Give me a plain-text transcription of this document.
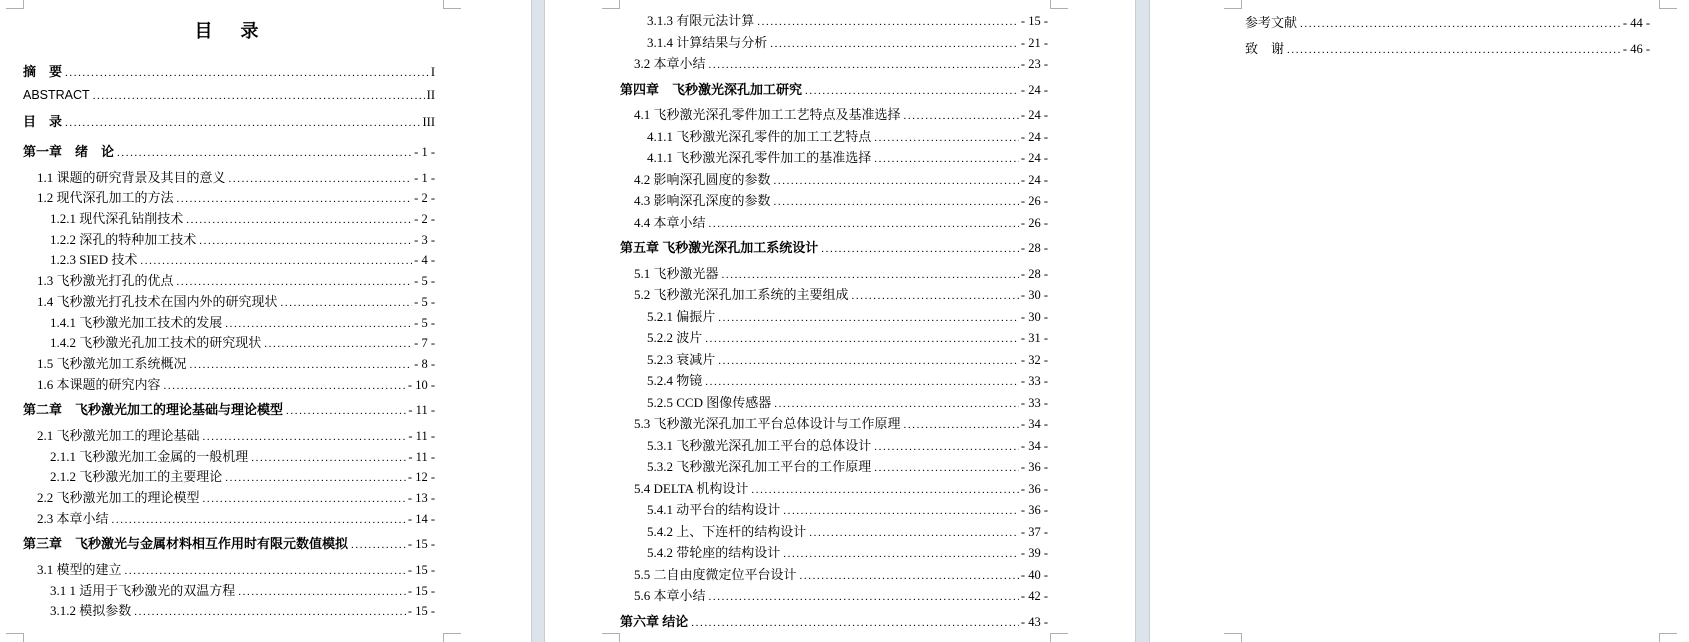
目　录
摘　要 .....	I
ABSTRACT .....	II
目　录 .....	III
第一章　绪　论 .....	- 1 -
1.1 课题的研究背景及其目的意义 .....	- 1 -
1.2 现代深孔加工的方法 .....	- 2 -
1.2.1 现代深孔钻削技术 .....	- 2 -
1.2.2 深孔的特种加工技术 .....	- 3 -
1.2.3 SIED 技术 .....	- 4 -
1.3 飞秒激光打孔的优点 .....	- 5 -
1.4 飞秒激光打孔技术在国内外的研究现状 .....	- 5 -
1.4.1 飞秒激光加工技术的发展 .....	- 5 -
1.4.2 飞秒激光孔加工技术的研究现状 .....	- 7 -
1.5 飞秒激光加工系统概况 .....	- 8 -
1.6 本课题的研究内容 .....	- 10 -
第二章　飞秒激光加工的理论基础与理论模型 .....	- 11 -
2.1 飞秒激光加工的理论基础 .....	- 11 -
2.1.1 飞秒激光加工金属的一般机理 .....	- 11 -
2.1.2 飞秒激光加工的主要理论 .....	- 12 -
2.2 飞秒激光加工的理论模型 .....	- 13 -
2.3 本章小结 .....	- 14 -
第三章　飞秒激光与金属材料相互作用时有限元数值模拟 .....	- 15 -
3.1 模型的建立 .....	- 15 -
3.1 1 适用于飞秒激光的双温方程 .....	- 15 -
3.1.2 模拟参数 .....	- 15 -
3.1.3 有限元法计算 .....	- 15 -
3.1.4 计算结果与分析 .....	- 21 -
3.2 本章小结 .....	- 23 -
第四章　飞秒激光深孔加工研究 .....	- 24 -
4.1 飞秒激光深孔零件加工工艺特点及基准选择 .....	- 24 -
4.1.1 飞秒激光深孔零件的加工工艺特点 .....	- 24 -
4.1.1 飞秒激光深孔零件加工的基准选择 .....	- 24 -
4.2 影响深孔圆度的参数 .....	- 24 -
4.3 影响深孔深度的参数 .....	- 26 -
4.4 本章小结 .....	- 26 -
第五章 飞秒激光深孔加工系统设计 .....	- 28 -
5.1 飞秒激光器 .....	- 28 -
5.2 飞秒激光深孔加工系统的主要组成 .....	- 30 -
5.2.1 偏振片 .....	- 30 -
5.2.2 波片 .....	- 31 -
5.2.3 衰减片 .....	- 32 -
5.2.4 物镜 .....	- 33 -
5.2.5 CCD 图像传感器 .....	- 33 -
5.3 飞秒激光深孔加工平台总体设计与工作原理 .....	- 34 -
5.3.1 飞秒激光深孔加工平台的总体设计 .....	- 34 -
5.3.2 飞秒激光深孔加工平台的工作原理 .....	- 36 -
5.4 DELTA 机构设计 .....	- 36 -
5.4.1 动平台的结构设计 .....	- 36 -
5.4.2 上、下连杆的结构设计 .....	- 37 -
5.4.2 带轮座的结构设计 .....	- 39 -
5.5 二自由度微定位平台设计 .....	- 40 -
5.6 本章小结 .....	- 42 -
第六章 结论 .....	- 43 -
参考文献 .....	- 44 -
致　谢 .....	- 46 -
